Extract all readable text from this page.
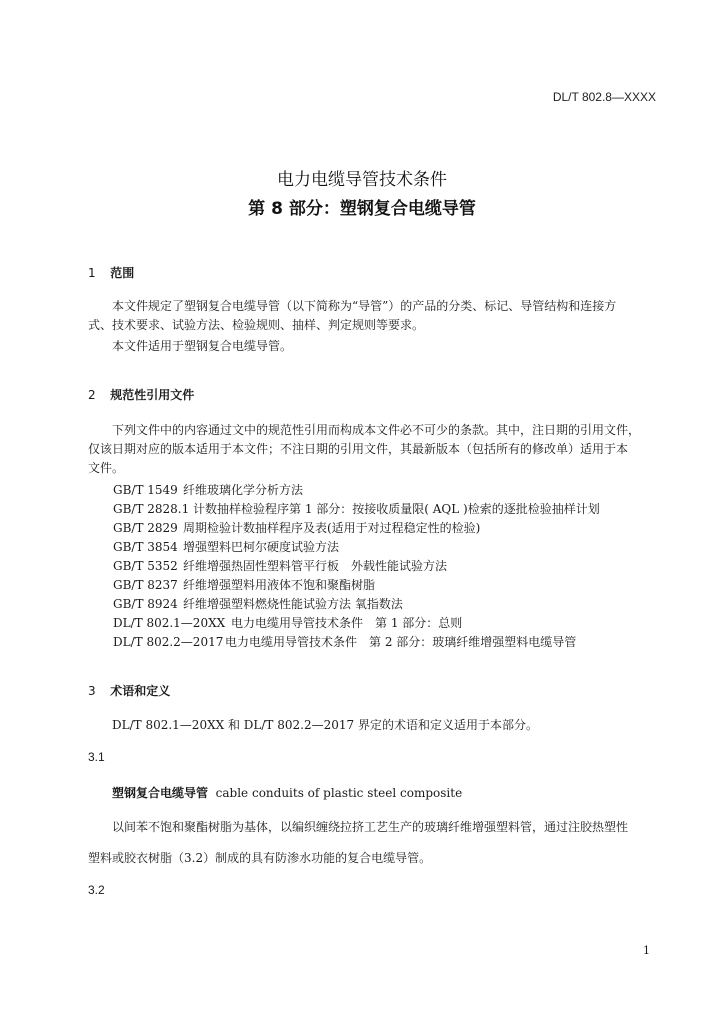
DL/T 802.8—XXXX
电力电缆导管技术条件
第 8 部分：塑钢复合电缆导管
1 范围
本文件规定了塑钢复合电缆导管（以下简称为“导管”）的产品的分类、标记、导管结构和连接方
式、技术要求、试验方法、检验规则、抽样、判定规则等要求。
本文件适用于塑钢复合电缆导管。
2 规范性引用文件
下列文件中的内容通过文中的规范性引用而构成本文件必不可少的条款。其中，注日期的引用文件，
仅该日期对应的版本适用于本文件；不注日期的引用文件，其最新版本（包括所有的修改单）适用于本
文件。
GB/T 1549 纤维玻璃化学分析方法
GB/T 2828.1 计数抽样检验程序第 1 部分：按接收质量限( AQL )检索的逐批检验抽样计划
GB/T 2829 周期检验计数抽样程序及表(适用于对过程稳定性的检验)
GB/T 3854 增强塑料巴柯尔硬度试验方法
GB/T 5352 纤维增强热固性塑料管平行板　外载性能试验方法
GB/T 8237 纤维增强塑料用液体不饱和聚酯树脂
GB/T 8924 纤维增强塑料燃烧性能试验方法 氧指数法
DL/T 802.1—20XX 电力电缆用导管技术条件　第 1 部分：总则
DL/T 802.2—2017 电力电缆用导管技术条件　第 2 部分：玻璃纤维增强塑料电缆导管
3 术语和定义
DL/T 802.1—20XX 和 DL/T 802.2—2017 界定的术语和定义适用于本部分。
3.1
塑钢复合电缆导管 cable conduits of plastic steel composite
以间苯不饱和聚酯树脂为基体，以编织缠绕拉挤工艺生产的玻璃纤维增强塑料管，通过注胶热塑性
塑料或胶衣树脂（3.2）制成的具有防渗水功能的复合电缆导管。
3.2
1
